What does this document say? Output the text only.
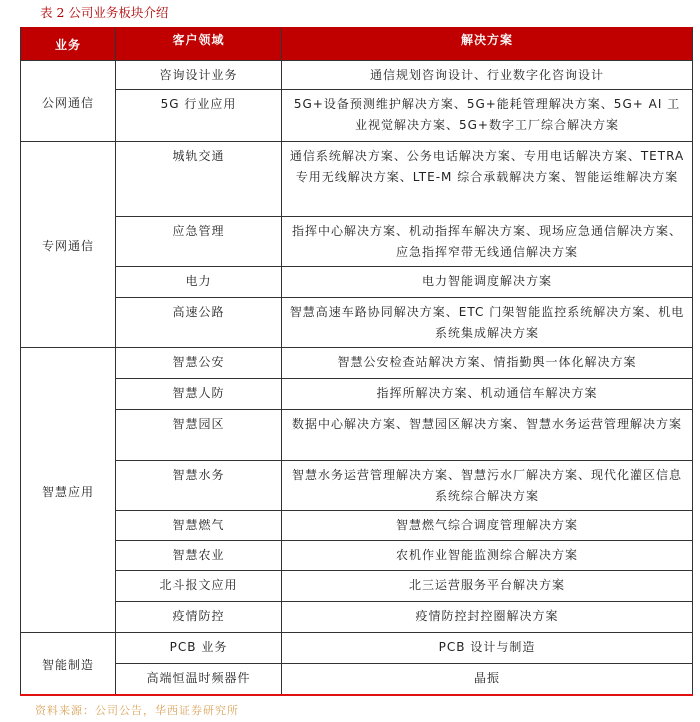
表 2 公司业务板块介绍
业务	客户领域	解决方案
公网通信	咨询设计业务	通信规划咨询设计、行业数字化咨询设计
	5G 行业应用	5G+设备预测维护解决方案、5G+能耗管理解决方案、5G+ AI 工业视觉解决方案、5G+数字工厂综合解决方案
专网通信	城轨交通	通信系统解决方案、公务电话解决方案、专用电话解决方案、TETRA 专用无线解决方案、LTE-M 综合承载解决方案、智能运维解决方案
	应急管理	指挥中心解决方案、机动指挥车解决方案、现场应急通信解决方案、应急指挥窄带无线通信解决方案
	电力	电力智能调度解决方案
	高速公路	智慧高速车路协同解决方案、ETC 门架智能监控系统解决方案、机电系统集成解决方案
智慧应用	智慧公安	智慧公安检查站解决方案、情指勤舆一体化解决方案
	智慧人防	指挥所解决方案、机动通信车解决方案
	智慧园区	数据中心解决方案、智慧园区解决方案、智慧水务运营管理解决方案
	智慧水务	智慧水务运营管理解决方案、智慧污水厂解决方案、现代化灌区信息系统综合解决方案
	智慧燃气	智慧燃气综合调度管理解决方案
	智慧农业	农机作业智能监测综合解决方案
	北斗报文应用	北三运营服务平台解决方案
	疫情防控	疫情防控封控圈解决方案
智能制造	PCB 业务	PCB 设计与制造
	高端恒温时频器件	晶振
资料来源：公司公告，华西证券研究所
